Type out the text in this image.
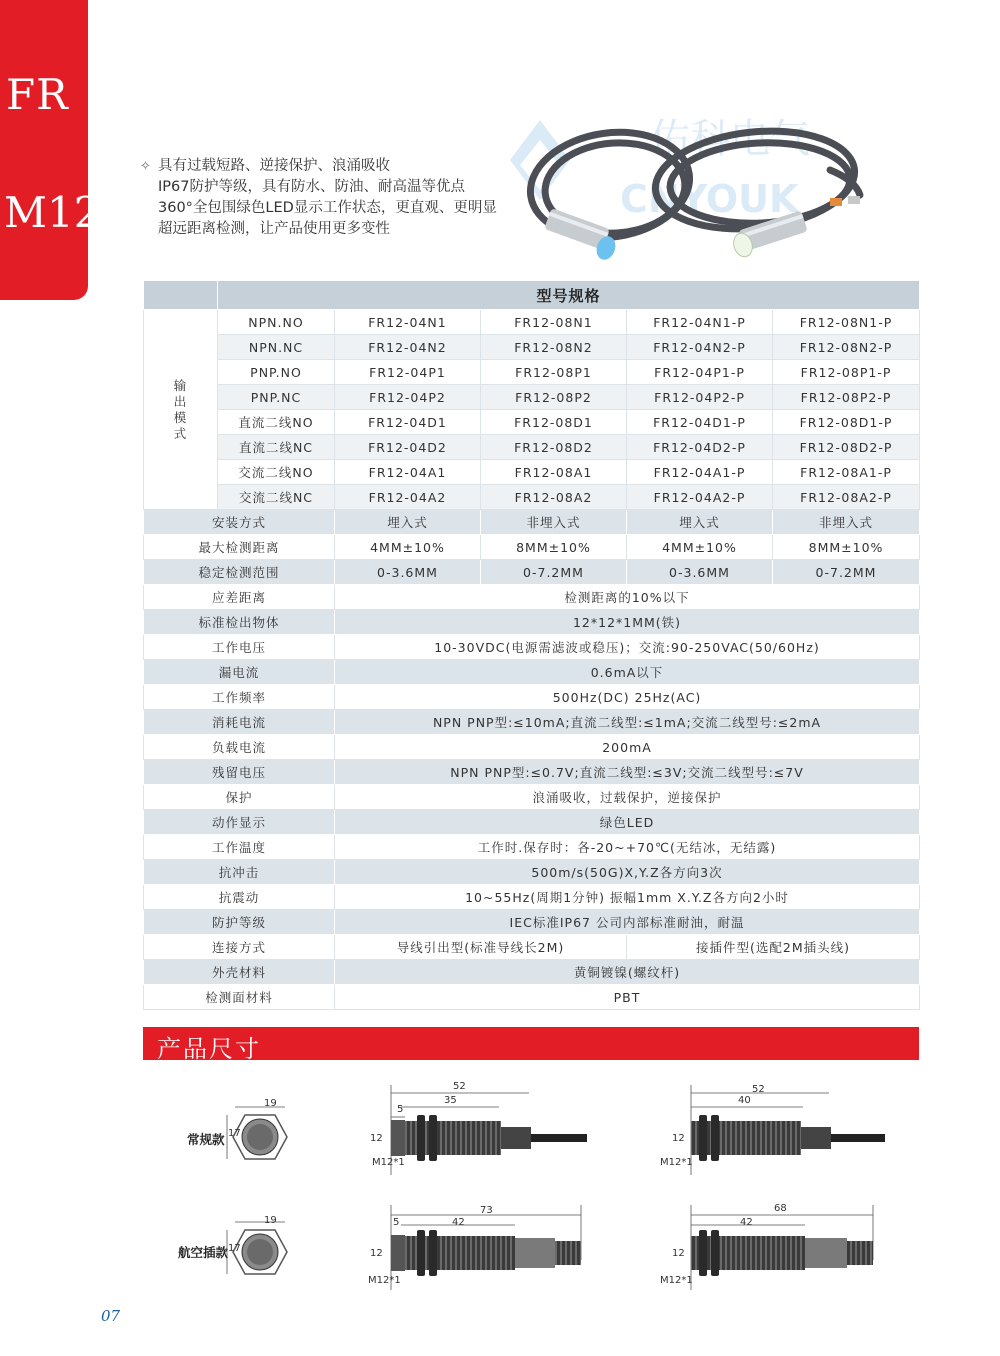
FR
M12
✧ 具有过载短路、逆接保护、浪涌吸收
IP67防护等级，具有防水、防油、耐高温等优点
360°全包围绿色LED显示工作状态，更直观、更明显
超远距离检测，让产品使用更多变性
佑科电气
CNYOUK
	型号规格				
输
出
模
式	NPN.NO	FR12-04N1	FR12-08N1	FR12-04N1-P	FR12-08N1-P
	NPN.NC	FR12-04N2	FR12-08N2	FR12-04N2-P	FR12-08N2-P
	PNP.NO	FR12-04P1	FR12-08P1	FR12-04P1-P	FR12-08P1-P
	PNP.NC	FR12-04P2	FR12-08P2	FR12-04P2-P	FR12-08P2-P
	直流二线NO	FR12-04D1	FR12-08D1	FR12-04D1-P	FR12-08D1-P
	直流二线NC	FR12-04D2	FR12-08D2	FR12-04D2-P	FR12-08D2-P
	交流二线NO	FR12-04A1	FR12-08A1	FR12-04A1-P	FR12-08A1-P
	交流二线NC	FR12-04A2	FR12-08A2	FR12-04A2-P	FR12-08A2-P
安装方式		埋入式	非埋入式	埋入式	非埋入式
最大检测距离		4MM±10%	8MM±10%	4MM±10%	8MM±10%
稳定检测范围		0-3.6MM	0-7.2MM	0-3.6MM	0-7.2MM
应差距离		检测距离的10%以下			
标准检出物体		12*12*1MM(铁)			
工作电压		10-30VDC(电源需滤波或稳压)；交流:90-250VAC(50/60Hz)			
漏电流		0.6mA以下			
工作频率		500Hz(DC) 25Hz(AC)			
消耗电流		NPN PNP型:≤10mA;直流二线型:≤1mA;交流二线型号:≤2mA			
负载电流		200mA			
残留电压		NPN PNP型:≤0.7V;直流二线型:≤3V;交流二线型号:≤7V			
保护		浪涌吸收，过载保护，逆接保护			
动作显示		绿色LED			
工作温度		工作时.保存时：各-20~+70℃(无结冰，无结露)			
抗冲击		500m/s(50G)X,Y.Z各方向3次			
抗震动		10~55Hz(周期1分钟) 振幅1mm X.Y.Z各方向2小时			
防护等级		IEC标准IP67 公司内部标准耐油，耐温			
连接方式		导线引出型(标准导线长2M)		接插件型(选配2M插头线)	
外壳材料		黄铜镀镍(螺纹杆)			
检测面材料		PBT			
产品尺寸
常规款
航空插款
19
17
52
35
5
12
M12*1
52
40
12
M12*1
19
17
73
42
5
12
M12*1
68
42
12
M12*1
07
